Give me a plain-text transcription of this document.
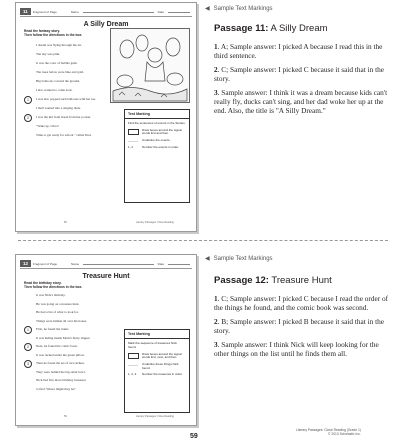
11	Fragment of Page	Name	Date
A Silly Dream
Read the fantasy story.
Then follow the directions in the box.
I dream was flying through the air.
The sky was pink.
It was the color of bubble gum.
The trees below were blue and gold.
Big balloons covered the ground.
I also wanted to come look.
I was also popped such balloons with her toe.
I melt wanted into a singing duck.
I was the kid from bread from her pocket.
"Wake up, Libra!
Time to get ready for school," called Dad.
1
2
Test Marking
Find the sentences of events in the Stories.
Draw boxes around the signal words first and then.
______	Underline the events.
1, 2	Number the events in order.
Literary Passages: Close Reading
58
◀ Sample Text Markings
Passage 11: A Silly Dream

1. A; Sample answer: I picked A because I read this in the third sentence.

2. C; Sample answer: I picked C because it said that in the story.

3. Sample answer: I think it was a dream because kids can't really fly, ducks can't sing, and her dad woke her up at the end. Also, the title is "A Silly Dream."

12	Fragment of Page	Name	Date
Treasure Hunt
Read the birthday story.
Then follow the directions in the box.
It was Nick's birthday.
He was going on a treasure hunt.
He had a list of what to look for.
Things were hidden all over his house.
First, he found the trains.
It was hiding inside Mom's fuzzy slipper.
Next, he found the comic book.
It was tucked under the green pillow.
Then he found the set of race strikes.
They were behind the big salad bowl.
Nick had five more birthday treasures
to find. Where might they be?
1
2
3
Test Marking
Mark the sequence of treasures Nick found.
Draw boxes around the signal words first, next, and then.
______	Underline these things Nick found.
1, 2, 3	Number the treasures in order.
Literary Passages: Close Reading
59
◀ Sample Text Markings
Passage 12: Treasure Hunt

1. C; Sample answer: I picked C because I read the order of the things he found, and the comic book was second.

2. B; Sample answer: I picked B because it said that in the story.

3. Sample answer: I think Nick will keep looking for the other things on the list until he finds them all.

59
Literary Passages: Close Reading (Grade 1)
© 2013 Scholastic Inc.
